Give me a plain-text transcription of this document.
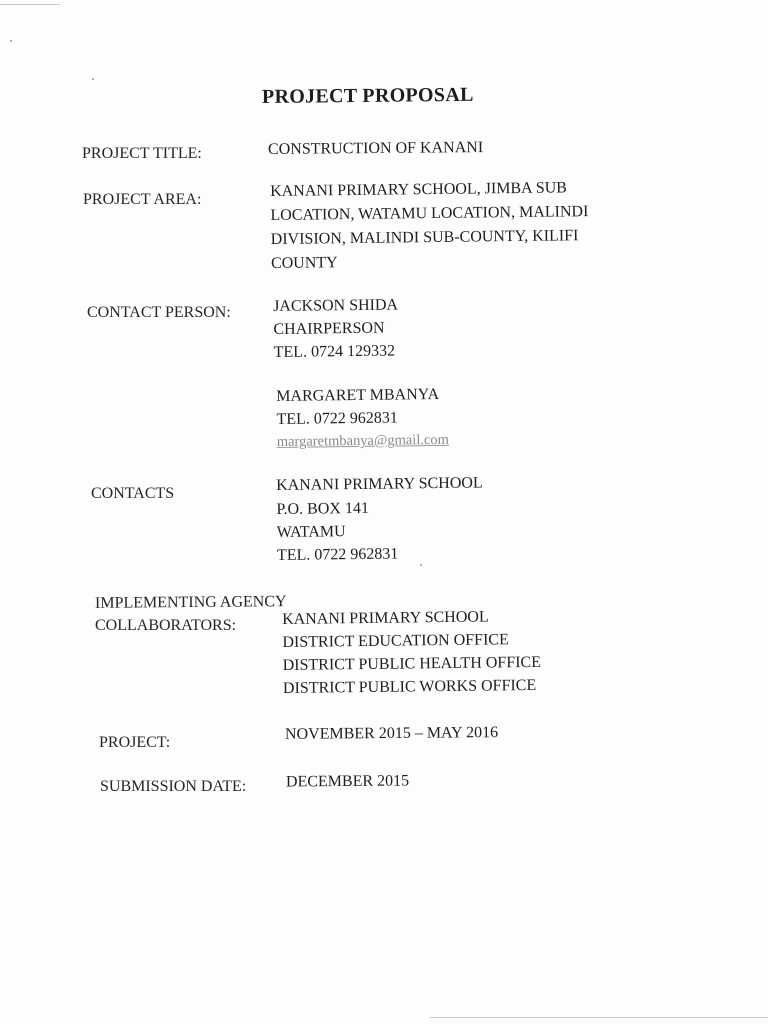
PROJECT PROPOSAL
PROJECT TITLE:	CONSTRUCTION OF KANANI
PROJECT AREA:	KANANI PRIMARY SCHOOL, JIMBA SUB
LOCATION, WATAMU LOCATION, MALINDI
DIVISION, MALINDI SUB-COUNTY, KILIFI
COUNTY
CONTACT PERSON:	JACKSON SHIDA
CHAIRPERSON
TEL. 0724 129332
MARGARET MBANYA
TEL. 0722 962831
margaretmbanya@gmail.com
CONTACTS	KANANI PRIMARY SCHOOL
P.O. BOX 141
WATAMU
TEL. 0722 962831
IMPLEMENTING AGENCY
COLLABORATORS:	KANANI PRIMARY SCHOOL
DISTRICT EDUCATION OFFICE
DISTRICT PUBLIC HEALTH OFFICE
DISTRICT PUBLIC WORKS OFFICE
PROJECT:	NOVEMBER 2015 – MAY 2016
SUBMISSION DATE: DECEMBER 2015
